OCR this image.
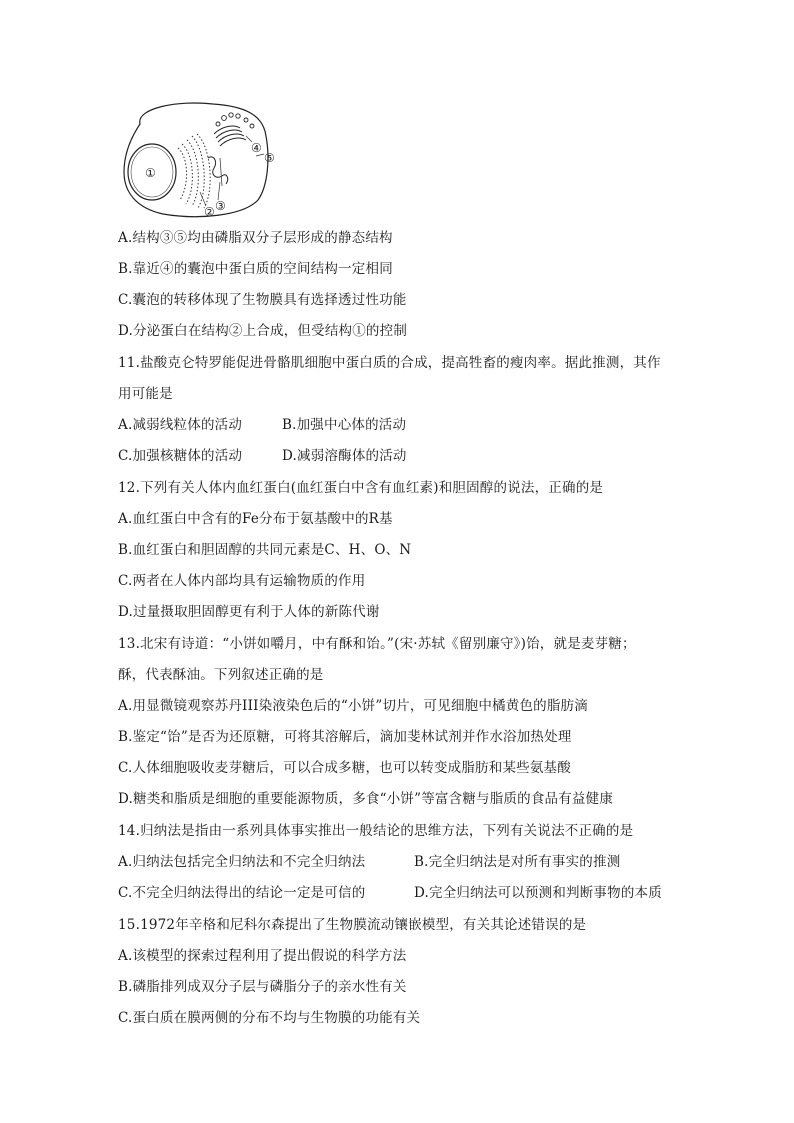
①
② ③
④
⑤
A.结构③⑤均由磷脂双分子层形成的静态结构
B.靠近④的囊泡中蛋白质的空间结构一定相同
C.囊泡的转移体现了生物膜具有选择透过性功能
D.分泌蛋白在结构②上合成，但受结构①的控制
11.盐酸克仑特罗能促进骨骼肌细胞中蛋白质的合成，提高牲畜的瘦肉率。据此推测，其作
用可能是
A.减弱线粒体的活动	B.加强中心体的活动
C.加强核糖体的活动	D.减弱溶酶体的活动
12.下列有关人体内血红蛋白(血红蛋白中含有血红素)和胆固醇的说法，正确的是
A.血红蛋白中含有的Fe分布于氨基酸中的R基
B.血红蛋白和胆固醇的共同元素是C、H、O、N
C.两者在人体内部均具有运输物质的作用
D.过量摄取胆固醇更有利于人体的新陈代谢
13.北宋有诗道：“小饼如嚼月，中有酥和饴。”(宋·苏轼《留别廉守》)饴，就是麦芽糖；
酥，代表酥油。下列叙述正确的是
A.用显微镜观察苏丹III染液染色后的“小饼”切片，可见细胞中橘黄色的脂肪滴
B.鉴定“饴”是否为还原糖，可将其溶解后，滴加斐林试剂并作水浴加热处理
C.人体细胞吸收麦芽糖后，可以合成多糖，也可以转变成脂肪和某些氨基酸
D.糖类和脂质是细胞的重要能源物质，多食“小饼”等富含糖与脂质的食品有益健康
14.归纳法是指由一系列具体事实推出一般结论的思维方法，下列有关说法不正确的是
A.归纳法包括完全归纳法和不完全归纳法	B.完全归纳法是对所有事实的推测
C.不完全归纳法得出的结论一定是可信的	D.完全归纳法可以预测和判断事物的本质
15.1972年辛格和尼科尔森提出了生物膜流动镶嵌模型，有关其论述错误的是
A.该模型的探索过程利用了提出假说的科学方法
B.磷脂排列成双分子层与磷脂分子的亲水性有关
C.蛋白质在膜两侧的分布不均与生物膜的功能有关
